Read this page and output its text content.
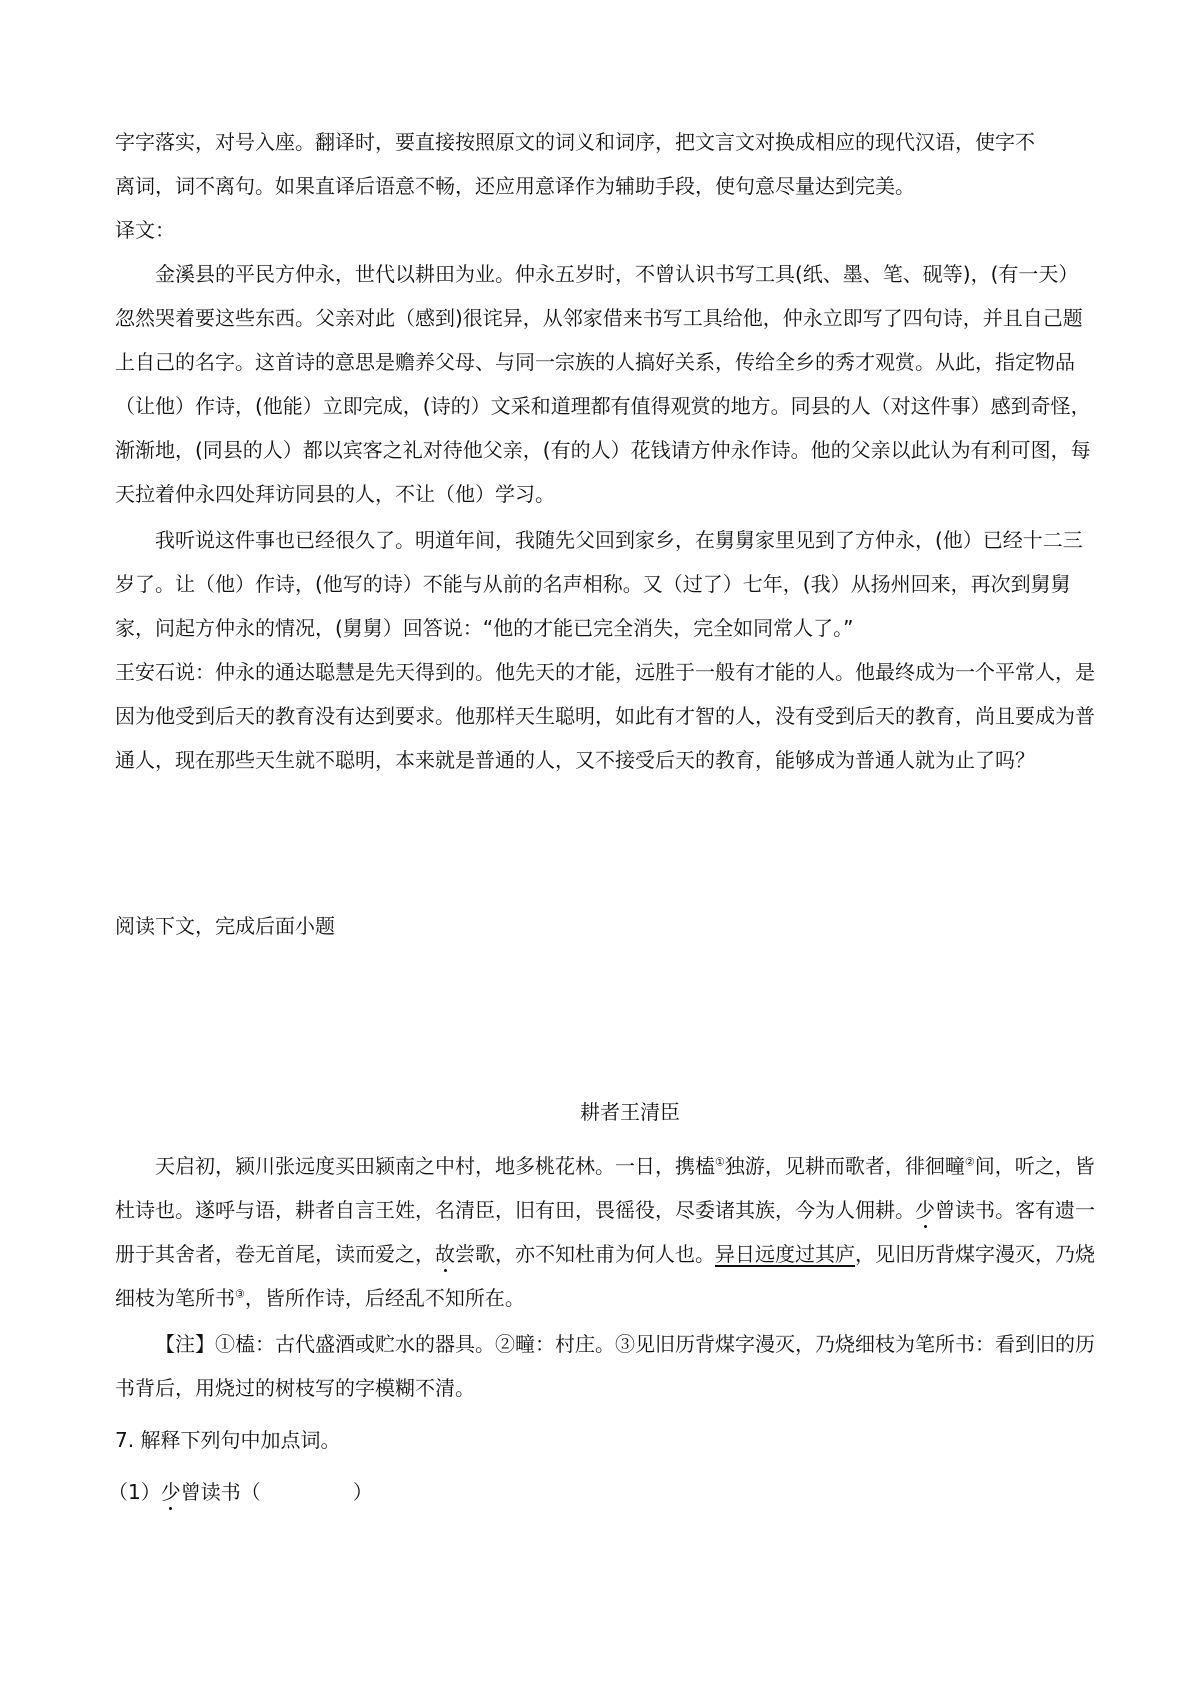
字字落实，对号入座。翻译时，要直接按照原文的词义和词序，把文言文对换成相应的现代汉语，使字不
离词，词不离句。如果直译后语意不畅，还应用意译作为辅助手段，使句意尽量达到完美。

译文：

金溪县的平民方仲永，世代以耕田为业。仲永五岁时，不曾认识书写工具(纸、墨、笔、砚等)，(有一天）忽然哭着要这些东西。父亲对此（感到)很诧异，从邻家借来书写工具给他，仲永立即写了四句诗，并且自己题上自己的名字。这首诗的意思是赡养父母、与同一宗族的人搞好关系，传给全乡的秀才观赏。从此，指定物品（让他）作诗，(他能）立即完成，(诗的）文采和道理都有值得观赏的地方。同县的人（对这件事）感到奇怪，渐渐地，(同县的人）都以宾客之礼对待他父亲，(有的人）花钱请方仲永作诗。他的父亲以此认为有利可图，每天拉着仲永四处拜访同县的人，不让（他）学习。

我听说这件事也已经很久了。明道年间，我随先父回到家乡，在舅舅家里见到了方仲永，(他）已经十二三岁了。让（他）作诗，(他写的诗）不能与从前的名声相称。又（过了）七年，(我）从扬州回来，再次到舅舅家，问起方仲永的情况，(舅舅）回答说：“他的才能已完全消失，完全如同常人了。”

王安石说：仲永的通达聪慧是先天得到的。他先天的才能，远胜于一般有才能的人。他最终成为一个平常人，是因为他受到后天的教育没有达到要求。他那样天生聪明，如此有才智的人，没有受到后天的教育，尚且要成为普通人，现在那些天生就不聪明，本来就是普通的人，又不接受后天的教育，能够成为普通人就为止了吗？

阅读下文，完成后面小题

耕者王清臣

天启初，颍川张远度买田颍南之中村，地多桃花林。一日，携榼①独游，见耕而歌者，徘徊疃②间，听之，皆杜诗也。遂呼与语，耕者自言王姓，名清臣，旧有田，畏徭役，尽委诸其族，今为人佣耕。少曾读书。客有遗一册于其舍者，卷无首尾，读而爱之，故尝歌，亦不知杜甫为何人也。异日远度过其庐，见旧历背煤字漫灭，乃烧细枝为笔所书③，皆所作诗，后经乱不知所在。

【注】①榼：古代盛酒或贮水的器具。②疃：村庄。③见旧历背煤字漫灭，乃烧细枝为笔所书：看到旧的历书背后，用烧过的树枝写的字模糊不清。

7. 解释下列句中加点词。

（1）少曾读书（	）
